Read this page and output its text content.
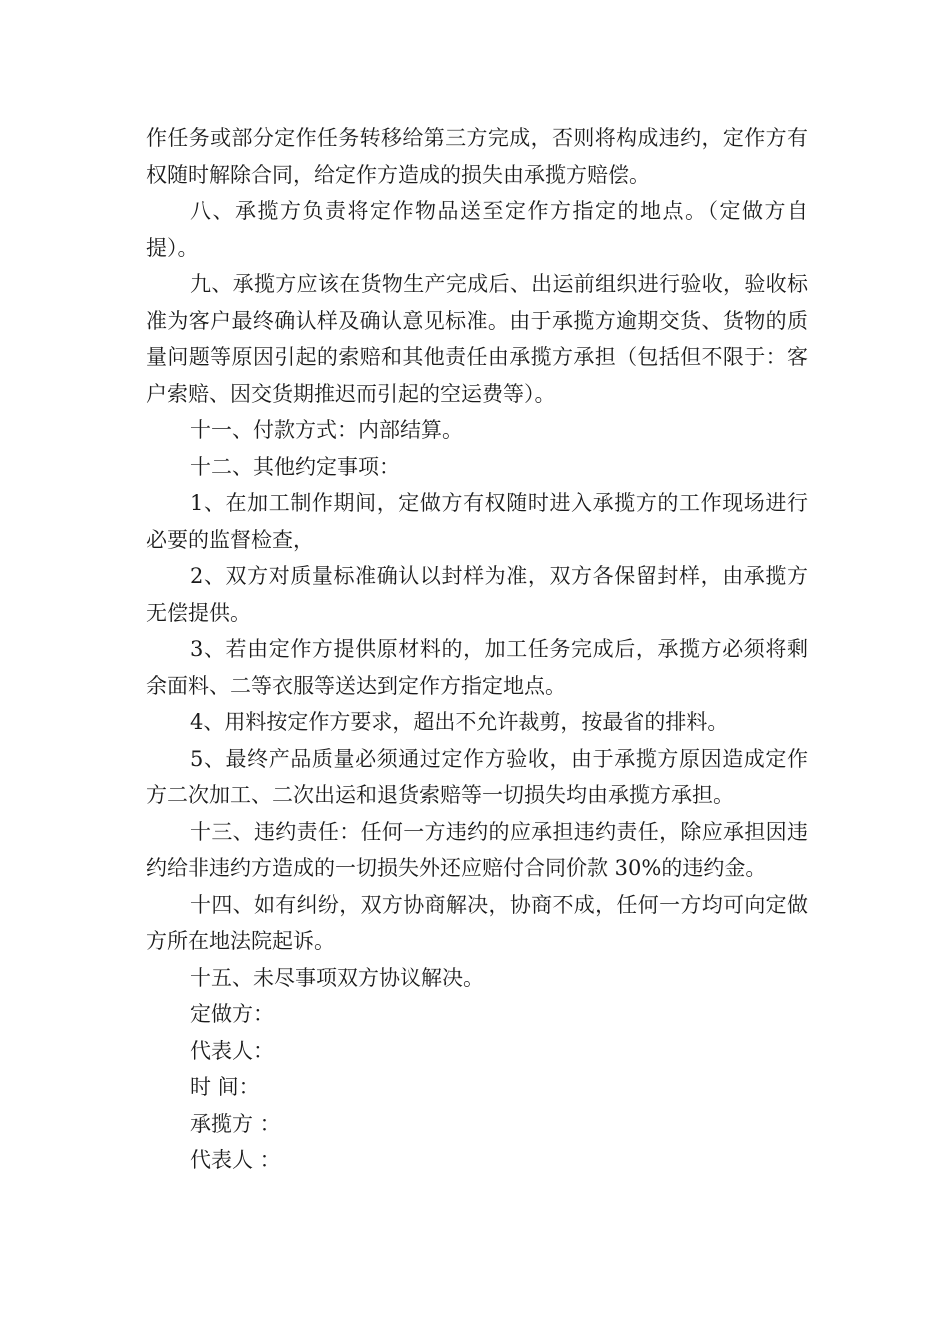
作任务或部分定作任务转移给第三方完成，否则将构成违约，定作方有权随时解除合同，给定作方造成的损失由承揽方赔偿。

八、承揽方负责将定作物品送至定作方指定的地点。（定做方自提）。

九、承揽方应该在货物生产完成后、出运前组织进行验收，验收标准为客户最终确认样及确认意见标准。由于承揽方逾期交货、货物的质量问题等原因引起的索赔和其他责任由承揽方承担（包括但不限于：客户索赔、因交货期推迟而引起的空运费等）。

十一、付款方式：内部结算。

十二、其他约定事项：

1、在加工制作期间，定做方有权随时进入承揽方的工作现场进行必要的监督检查，

2、双方对质量标准确认以封样为准，双方各保留封样，由承揽方无偿提供。

3、若由定作方提供原材料的，加工任务完成后，承揽方必须将剩余面料、二等衣服等送达到定作方指定地点。

4、用料按定作方要求，超出不允许裁剪，按最省的排料。

5、最终产品质量必须通过定作方验收，由于承揽方原因造成定作方二次加工、二次出运和退货索赔等一切损失均由承揽方承担。

十三、违约责任：任何一方违约的应承担违约责任，除应承担因违约给非违约方造成的一切损失外还应赔付合同价款 30%的违约金。

十四、如有纠纷，双方协商解决，协商不成，任何一方均可向定做方所在地法院起诉。

十五、未尽事项双方协议解决。

定做方：

代表人：

时 间：

承揽方 ：

代表人 ：
